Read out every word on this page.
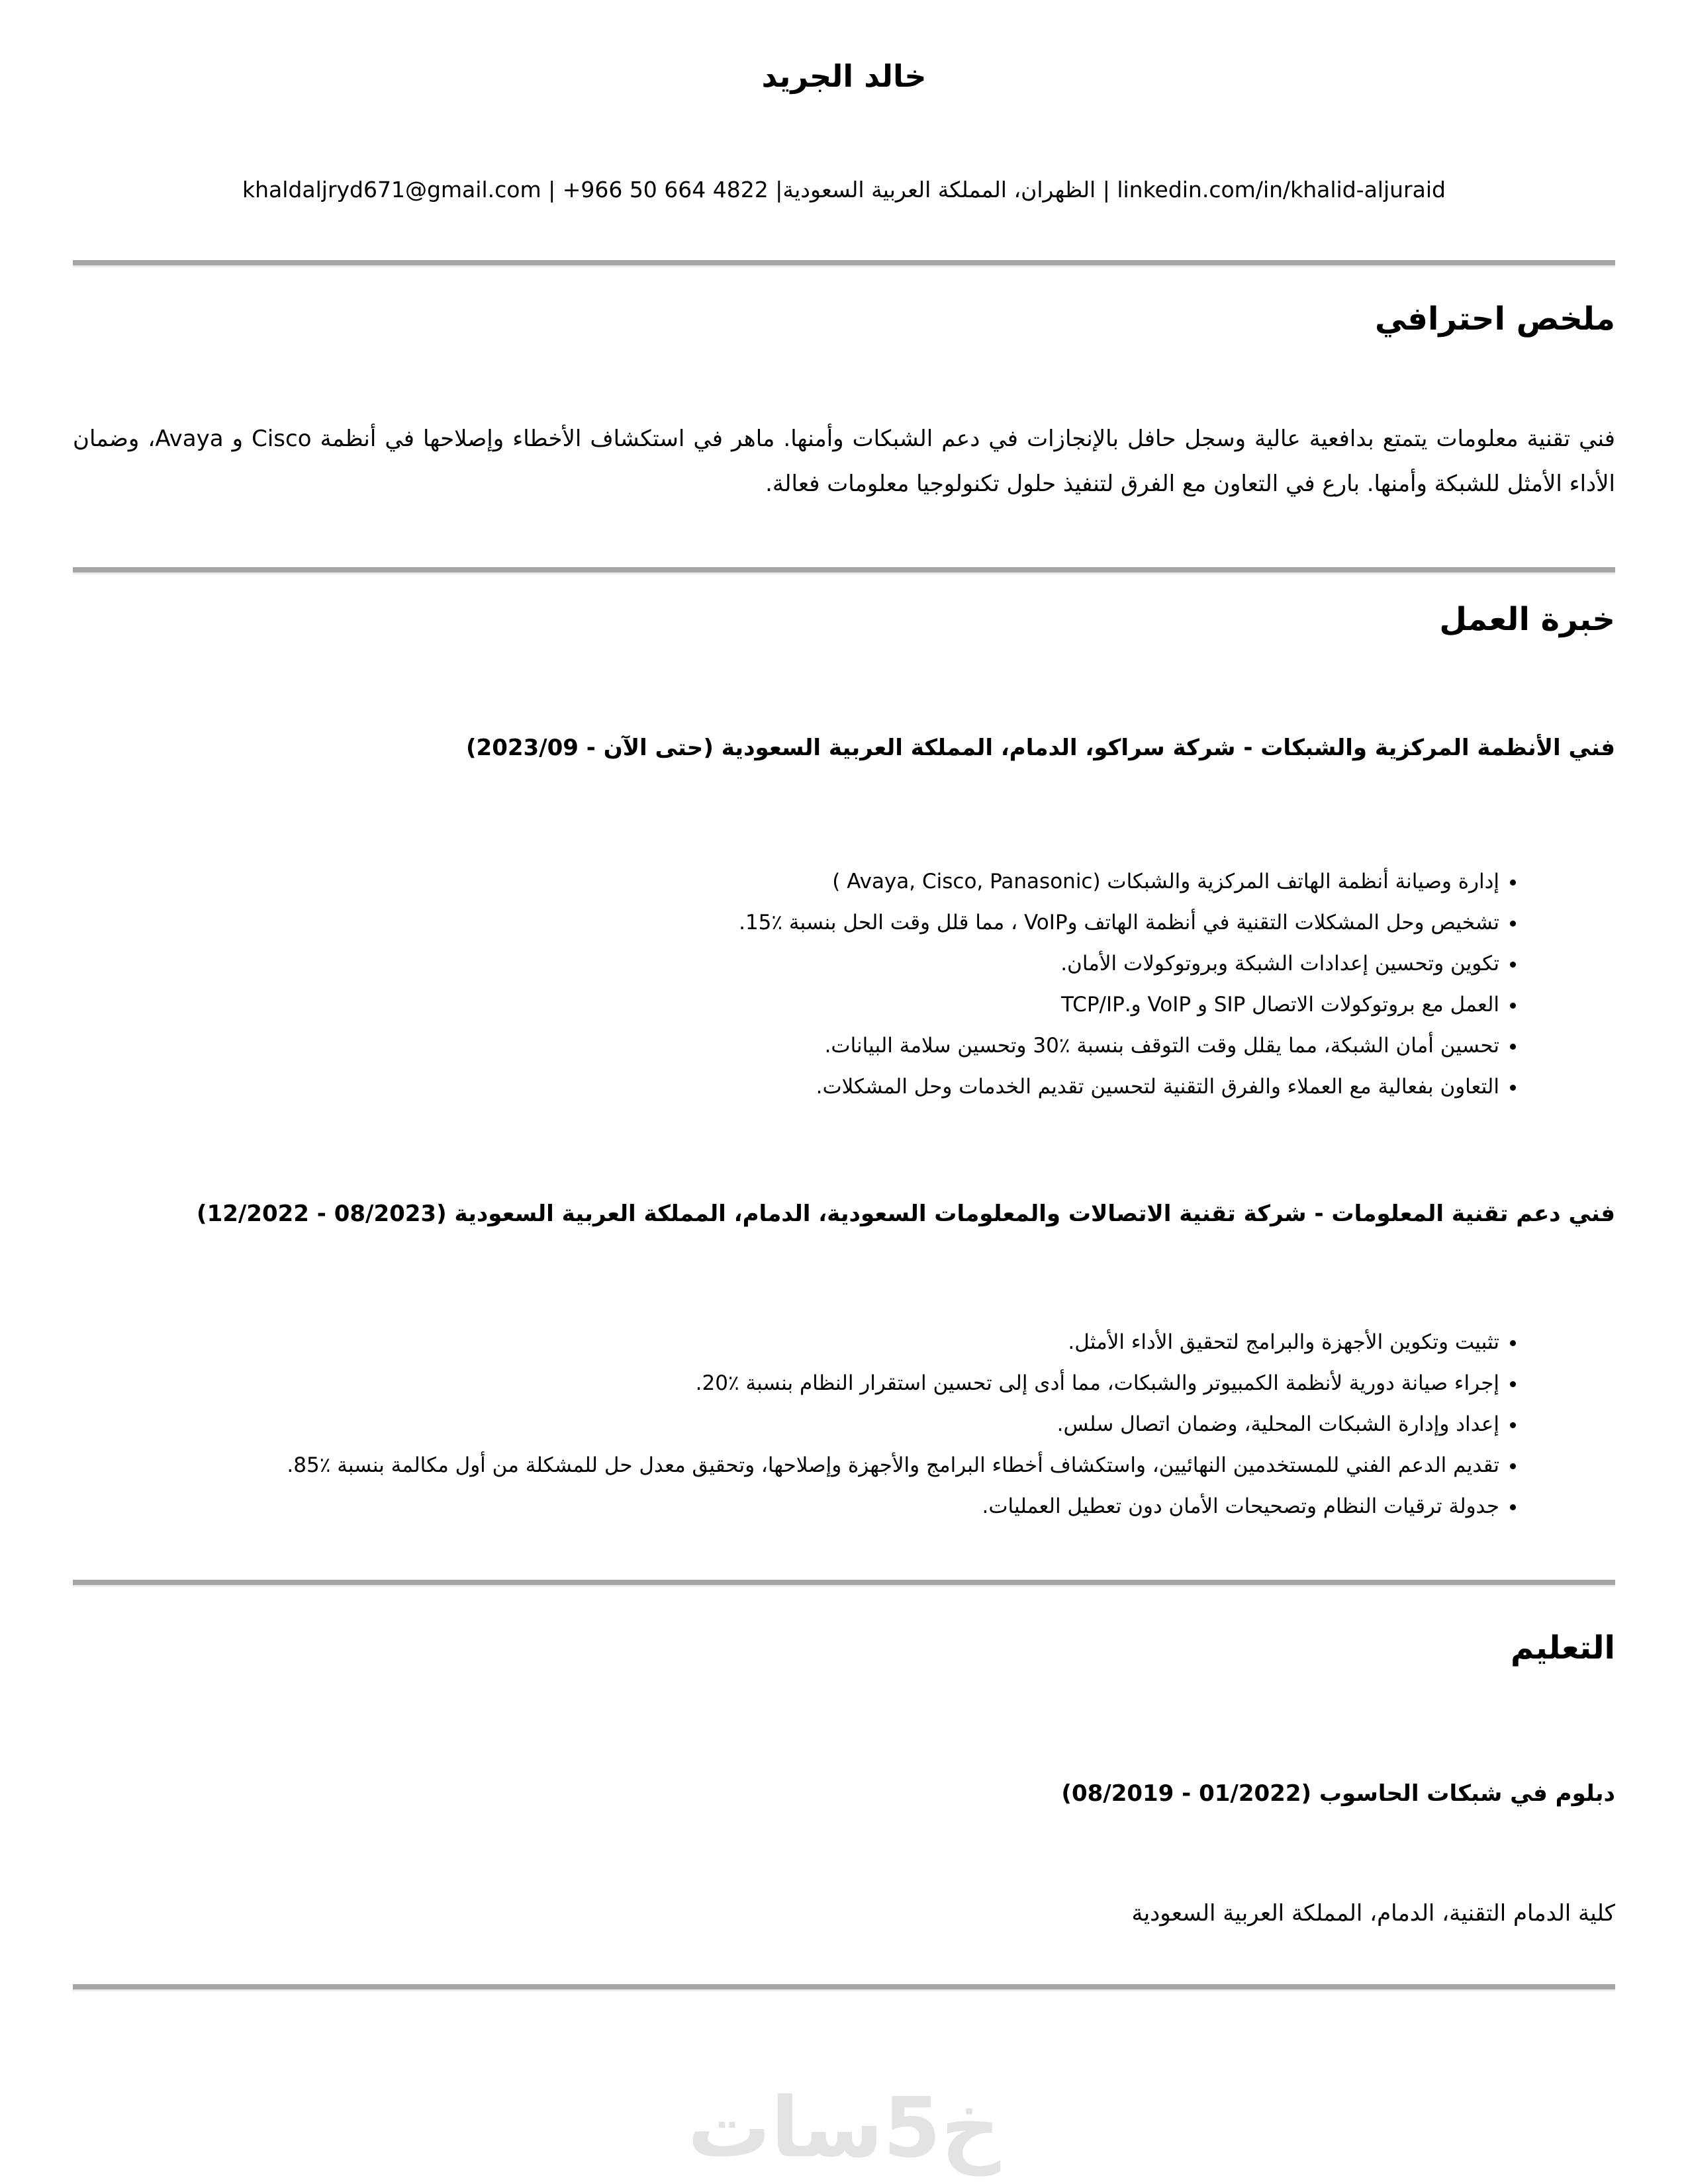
خالد الجريد

khaldaljryd671@gmail.com | +966 50 664 4822 |الظهران، المملكة العربية السعودية | linkedin.com/in/khalid-aljuraid

ملخص احترافي

فني تقنية معلومات يتمتع بدافعية عالية وسجل حافل بالإنجازات في دعم الشبكات وأمنها. ماهر في استكشاف الأخطاء وإصلاحها في أنظمة Cisco و Avaya، وضمان الأداء الأمثل للشبكة وأمنها. بارع في التعاون مع الفرق لتنفيذ حلول تكنولوجيا معلومات فعالة.

خبرة العمل
فني الأنظمة المركزية والشبكات - شركة سراكو، الدمام، المملكة العربية السعودية (⁦2023/09 - حتى الآن⁩)
• إدارة وصيانة أنظمة الهاتف المركزية والشبكات (Avaya, Cisco, Panasonic )
• تشخيص وحل المشكلات التقنية في أنظمة الهاتف وVoIP ، مما قلل وقت الحل بنسبة ٪15.
• تكوين وتحسين إعدادات الشبكة وبروتوكولات الأمان.
• العمل مع بروتوكولات الاتصال SIP و VoIP و.TCP/IP
• تحسين أمان الشبكة، مما يقلل وقت التوقف بنسبة ٪30 وتحسين سلامة البيانات.
• التعاون بفعالية مع العملاء والفرق التقنية لتحسين تقديم الخدمات وحل المشكلات.
فني دعم تقنية المعلومات - شركة تقنية الاتصالات والمعلومات السعودية، الدمام، المملكة العربية السعودية (⁦12/2022 - 08/2023⁩)
• تثبيت وتكوين الأجهزة والبرامج لتحقيق الأداء الأمثل.
• إجراء صيانة دورية لأنظمة الكمبيوتر والشبكات، مما أدى إلى تحسين استقرار النظام بنسبة ٪20.
• إعداد وإدارة الشبكات المحلية، وضمان اتصال سلس.
• تقديم الدعم الفني للمستخدمين النهائيين، واستكشاف أخطاء البرامج والأجهزة وإصلاحها، وتحقيق معدل حل للمشكلة من أول مكالمة بنسبة ٪85.
• جدولة ترقيات النظام وتصحيحات الأمان دون تعطيل العمليات.
التعليم
دبلوم في شبكات الحاسوب (⁦08/2019 - 01/2022⁩)

كلية الدمام التقنية، الدمام، المملكة العربية السعودية

خ5سات
